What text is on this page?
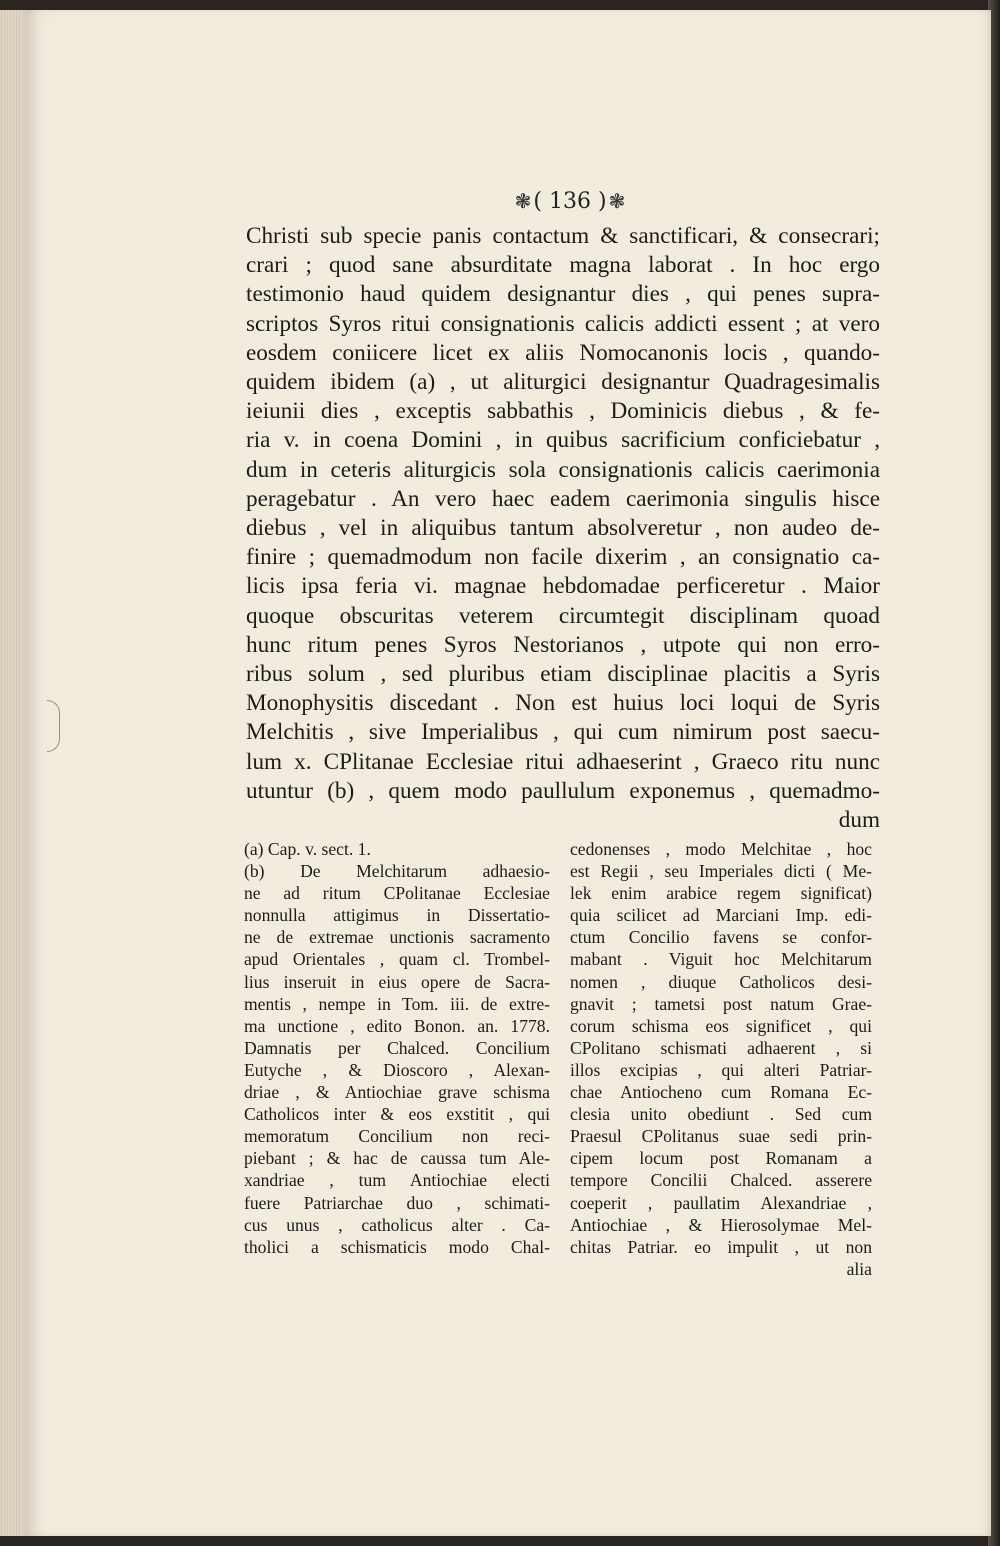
❃ ( 136 ) ❃
Christi sub specie panis contactum & sanctificari, & consecrari;
crari ; quod sane absurditate magna laborat . In hoc ergo
testimonio haud quidem designantur dies , qui penes supra-
scriptos Syros ritui consignationis calicis addicti essent ; at vero
eosdem coniicere licet ex aliis Nomocanonis locis , quando-
quidem ibidem (a) , ut aliturgici designantur Quadragesimalis
ieiunii dies , exceptis sabbathis , Dominicis diebus , & fe-
ria v. in coena Domini , in quibus sacrificium conficiebatur ,
dum in ceteris aliturgicis sola consignationis calicis caerimonia
peragebatur . An vero haec eadem caerimonia singulis hisce
diebus , vel in aliquibus tantum absolveretur , non audeo de-
finire ; quemadmodum non facile dixerim , an consignatio ca-
licis ipsa feria vi. magnae hebdomadae perficeretur . Maior
quoque obscuritas veterem circumtegit disciplinam quoad
hunc ritum penes Syros Nestorianos , utpote qui non erro-
ribus solum , sed pluribus etiam disciplinae placitis a Syris
Monophysitis discedant . Non est huius loci loqui de Syris
Melchitis , sive Imperialibus , qui cum nimirum post saecu-
lum x. CPlitanae Ecclesiae ritui adhaeserint , Graeco ritu nunc
utuntur (b) , quem modo paullulum exponemus , quemadmo-
dum
(a) Cap. v. sect. 1.
(b) De Melchitarum adhaesio-
ne ad ritum CPolitanae Ecclesiae
nonnulla attigimus in Dissertatio-
ne de extremae unctionis sacramento
apud Orientales , quam cl. Trombel-
lius inseruit in eius opere de Sacra-
mentis , nempe in Tom. iii. de extre-
ma unctione , edito Bonon. an. 1778.
Damnatis per Chalced. Concilium
Eutyche , & Dioscoro , Alexan-
driae , & Antiochiae grave schisma
Catholicos inter & eos exstitit , qui
memoratum Concilium non reci-
piebant ; & hac de caussa tum Ale-
xandriae , tum Antiochiae electi
fuere Patriarchae duo , schimati-
cus unus , catholicus alter . Ca-
tholici a schismaticis modo Chal-
cedonenses , modo Melchitae , hoc
est Regii , seu Imperiales dicti ( Me-
lek enim arabice regem significat)
quia scilicet ad Marciani Imp. edi-
ctum Concilio favens se confor-
mabant . Viguit hoc Melchitarum
nomen , diuque Catholicos desi-
gnavit ; tametsi post natum Grae-
corum schisma eos significet , qui
CPolitano schismati adhaerent , si
illos excipias , qui alteri Patriar-
chae Antiocheno cum Romana Ec-
clesia unito obediunt . Sed cum
Praesul CPolitanus suae sedi prin-
cipem locum post Romanam a
tempore Concilii Chalced. asserere
coeperit , paullatim Alexandriae ,
Antiochiae , & Hierosolymae Mel-
chitas Patriar. eo impulit , ut non
alia
